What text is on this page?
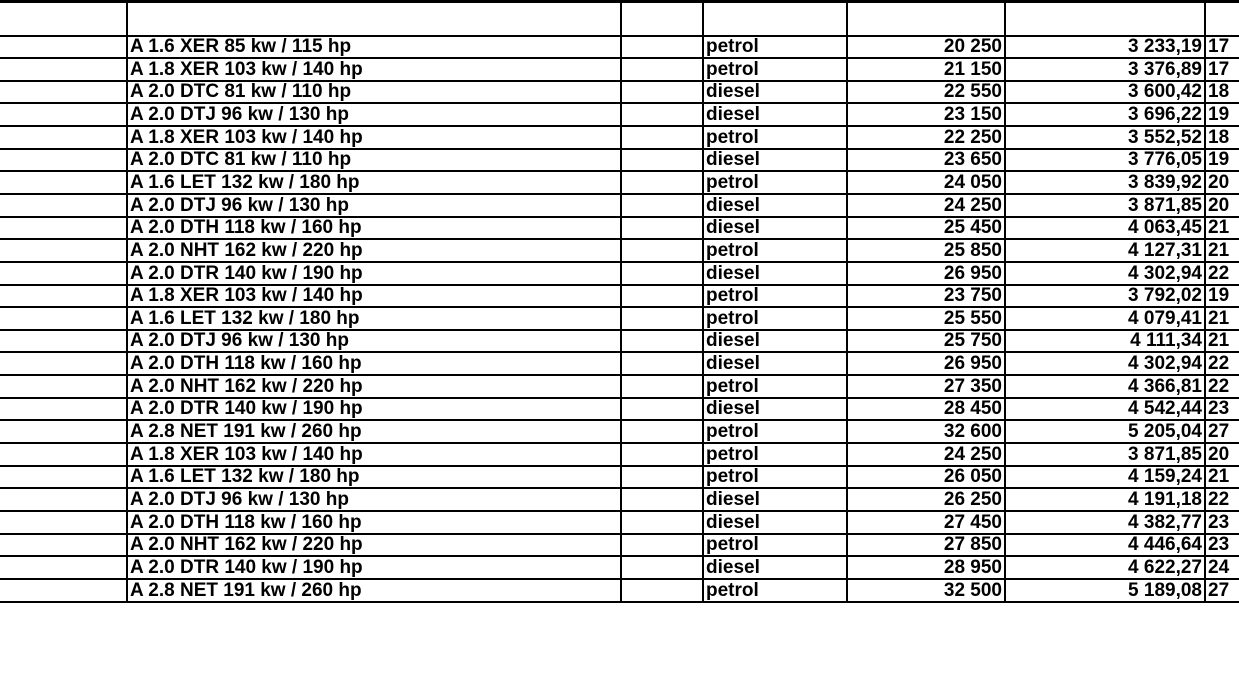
	A 1.6 XER 85 kw / 115 hp		petrol	20 250	3 233,19	17
	A 1.8 XER 103 kw / 140 hp		petrol	21 150	3 376,89	17
	A 2.0 DTC 81 kw / 110 hp		diesel	22 550	3 600,42	18
	A 2.0 DTJ 96 kw / 130 hp		diesel	23 150	3 696,22	19
	A 1.8 XER 103 kw / 140 hp		petrol	22 250	3 552,52	18
	A 2.0 DTC 81 kw / 110 hp		diesel	23 650	3 776,05	19
	A 1.6 LET 132 kw / 180 hp		petrol	24 050	3 839,92	20
	A 2.0 DTJ 96 kw / 130 hp		diesel	24 250	3 871,85	20
	A 2.0 DTH 118 kw / 160 hp		diesel	25 450	4 063,45	21
	A 2.0 NHT 162 kw / 220 hp		petrol	25 850	4 127,31	21
	A 2.0 DTR 140 kw / 190 hp		diesel	26 950	4 302,94	22
	A 1.8 XER 103 kw / 140 hp		petrol	23 750	3 792,02	19
	A 1.6 LET 132 kw / 180 hp		petrol	25 550	4 079,41	21
	A 2.0 DTJ 96 kw / 130 hp		diesel	25 750	4 111,34	21
	A 2.0 DTH 118 kw / 160 hp		diesel	26 950	4 302,94	22
	A 2.0 NHT 162 kw / 220 hp		petrol	27 350	4 366,81	22
	A 2.0 DTR 140 kw / 190 hp		diesel	28 450	4 542,44	23
	A 2.8 NET 191 kw / 260 hp		petrol	32 600	5 205,04	27
	A 1.8 XER 103 kw / 140 hp		petrol	24 250	3 871,85	20
	A 1.6 LET 132 kw / 180 hp		petrol	26 050	4 159,24	21
	A 2.0 DTJ 96 kw / 130 hp		diesel	26 250	4 191,18	22
	A 2.0 DTH 118 kw / 160 hp		diesel	27 450	4 382,77	23
	A 2.0 NHT 162 kw / 220 hp		petrol	27 850	4 446,64	23
	A 2.0 DTR 140 kw / 190 hp		diesel	28 950	4 622,27	24
	A 2.8 NET 191 kw / 260 hp		petrol	32 500	5 189,08	27
